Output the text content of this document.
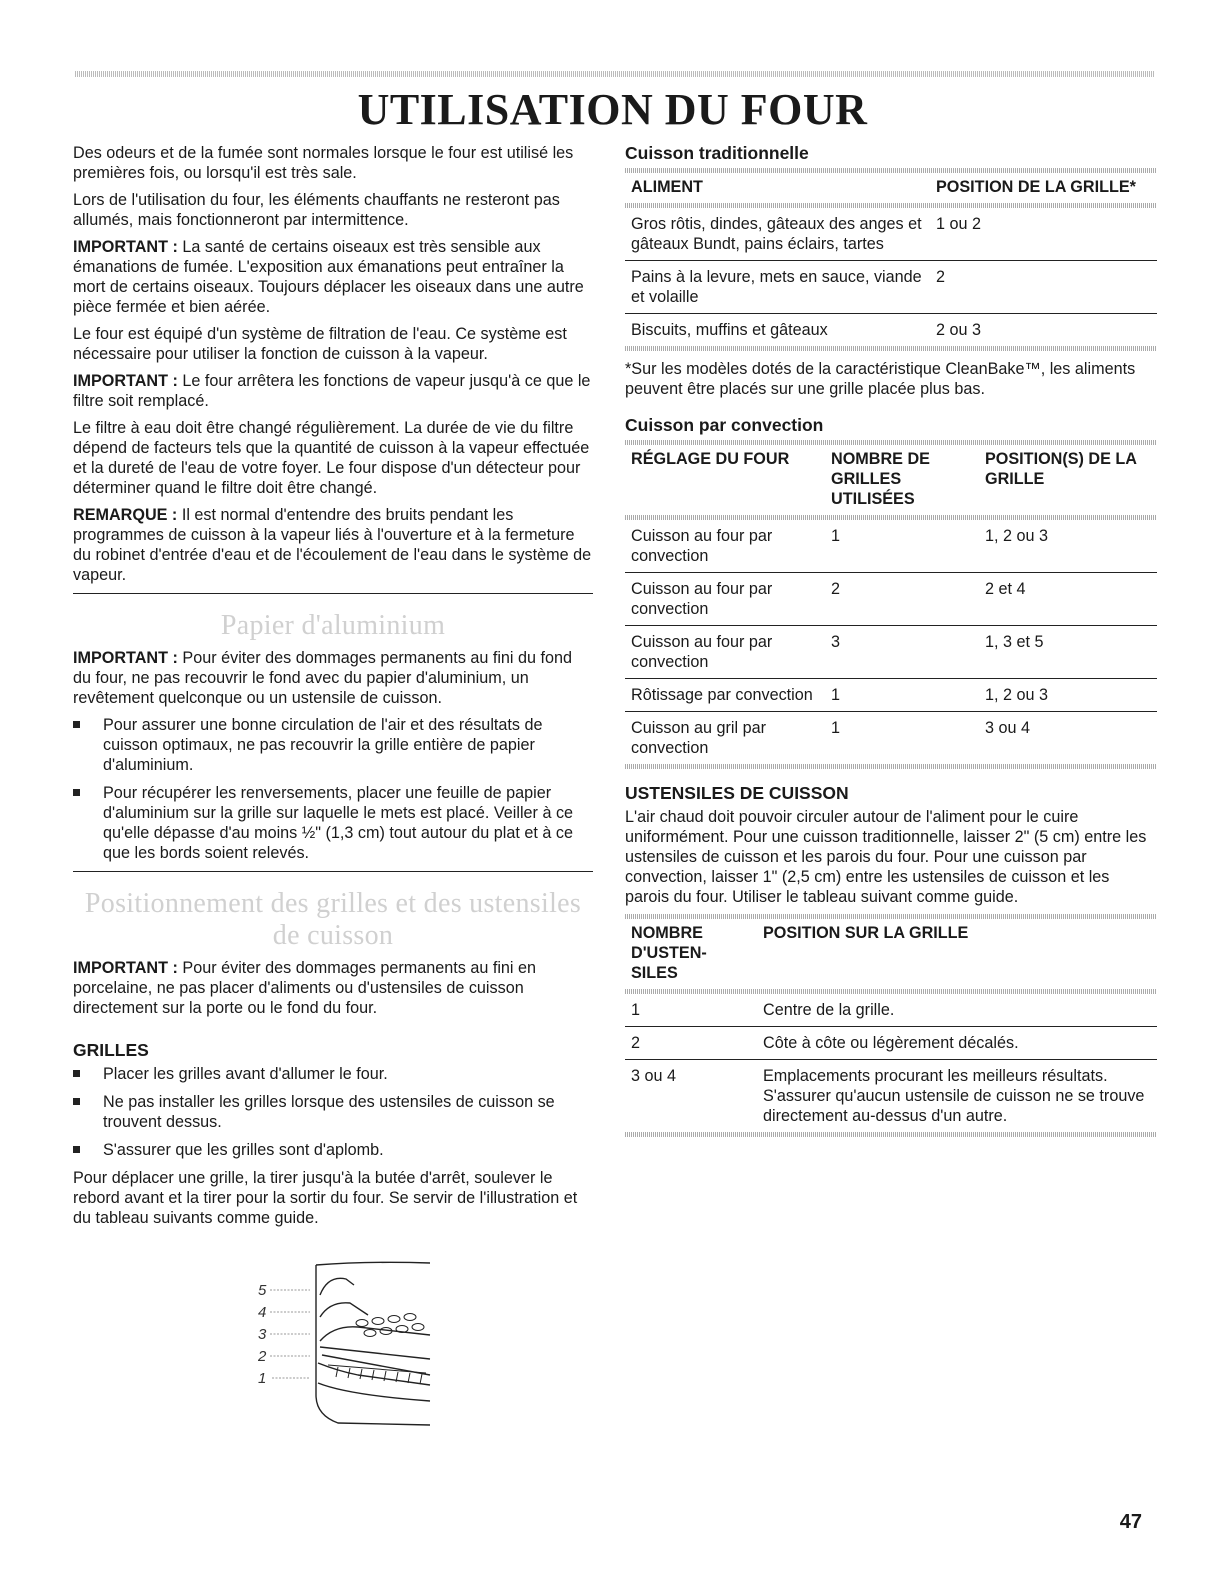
UTILISATION DU FOUR

Des odeurs et de la fumée sont normales lorsque le four est utilisé les premières fois, ou lorsqu'il est très sale.

Lors de l'utilisation du four, les éléments chauffants ne resteront pas allumés, mais fonctionneront par intermittence.

IMPORTANT : La santé de certains oiseaux est très sensible aux émanations de fumée. L'exposition aux émanations peut entraîner la mort de certains oiseaux. Toujours déplacer les oiseaux dans une autre pièce fermée et bien aérée.

Le four est équipé d'un système de filtration de l'eau. Ce système est nécessaire pour utiliser la fonction de cuisson à la vapeur.

IMPORTANT : Le four arrêtera les fonctions de vapeur jusqu'à ce que le filtre soit remplacé.

Le filtre à eau doit être changé régulièrement. La durée de vie du filtre dépend de facteurs tels que la quantité de cuisson à la vapeur effectuée et la dureté de l'eau de votre foyer. Le four dispose d'un détecteur pour déterminer quand le filtre doit être changé.

REMARQUE : Il est normal d'entendre des bruits pendant les programmes de cuisson à la vapeur liés à l'ouverture et à la fermeture du robinet d'entrée d'eau et de l'écoulement de l'eau dans le système de vapeur.

Papier d'aluminium

IMPORTANT : Pour éviter des dommages permanents au fini du fond du four, ne pas recouvrir le fond avec du papier d'aluminium, un revêtement quelconque ou un ustensile de cuisson.

Pour assurer une bonne circulation de l'air et des résultats de cuisson optimaux, ne pas recouvrir la grille entière de papier d'aluminium.
Pour récupérer les renversements, placer une feuille de papier d'aluminium sur la grille sur laquelle le mets est placé. Veiller à ce qu'elle dépasse d'au moins ½" (1,3 cm) tout autour du plat et à ce que les bords soient relevés.
Positionnement des grilles et des ustensiles de cuisson

IMPORTANT : Pour éviter des dommages permanents au fini en porcelaine, ne pas placer d'aliments ou d'ustensiles de cuisson directement sur la porte ou le fond du four.

GRILLES
Placer les grilles avant d'allumer le four.
Ne pas installer les grilles lorsque des ustensiles de cuisson se trouvent dessus.
S'assurer que les grilles sont d'aplomb.

Pour déplacer une grille, la tirer jusqu'à la butée d'arrêt, soulever le rebord avant et la tirer pour la sortir du four. Se servir de l'illustration et du tableau suivants comme guide.

5
4
3
2
1
Cuisson traditionnelle
ALIMENT	POSITION DE LA GRILLE*

Gros rôtis, dindes, gâteaux des anges et gâteaux Bundt, pains éclairs, tartes	1 ou 2
Pains à la levure, mets en sauce, viande et volaille	2
Biscuits, muffins et gâteaux	2 ou 3

*Sur les modèles dotés de la caractéristique CleanBake™, les aliments peuvent être placés sur une grille placée plus bas.

Cuisson par convection
RÉGLAGE DU FOUR	NOMBRE DE GRILLES UTILISÉES	POSITION(S) DE LA GRILLE

Cuisson au four par convection	1	1, 2 ou 3
Cuisson au four par convection	2	2 et 4
Cuisson au four par convection	3	1, 3 et 5
Rôtissage par convection	1	1, 2 ou 3
Cuisson au gril par convection	1	3 ou 4
USTENSILES DE CUISSON

L'air chaud doit pouvoir circuler autour de l'aliment pour le cuire uniformément. Pour une cuisson traditionnelle, laisser 2" (5 cm) entre les ustensiles de cuisson et les parois du four. Pour une cuisson par convection, laisser 1" (2,5 cm) entre les ustensiles de cuisson et les parois du four. Utiliser le tableau suivant comme guide.

NOMBRE D'USTEN-SILES	POSITION SUR LA GRILLE

1	Centre de la grille.
2	Côte à côte ou légèrement décalés.
3 ou 4	Emplacements procurant les meilleurs résultats. S'assurer qu'aucun ustensile de cuisson ne se trouve directement au-dessus d'un autre.
47
